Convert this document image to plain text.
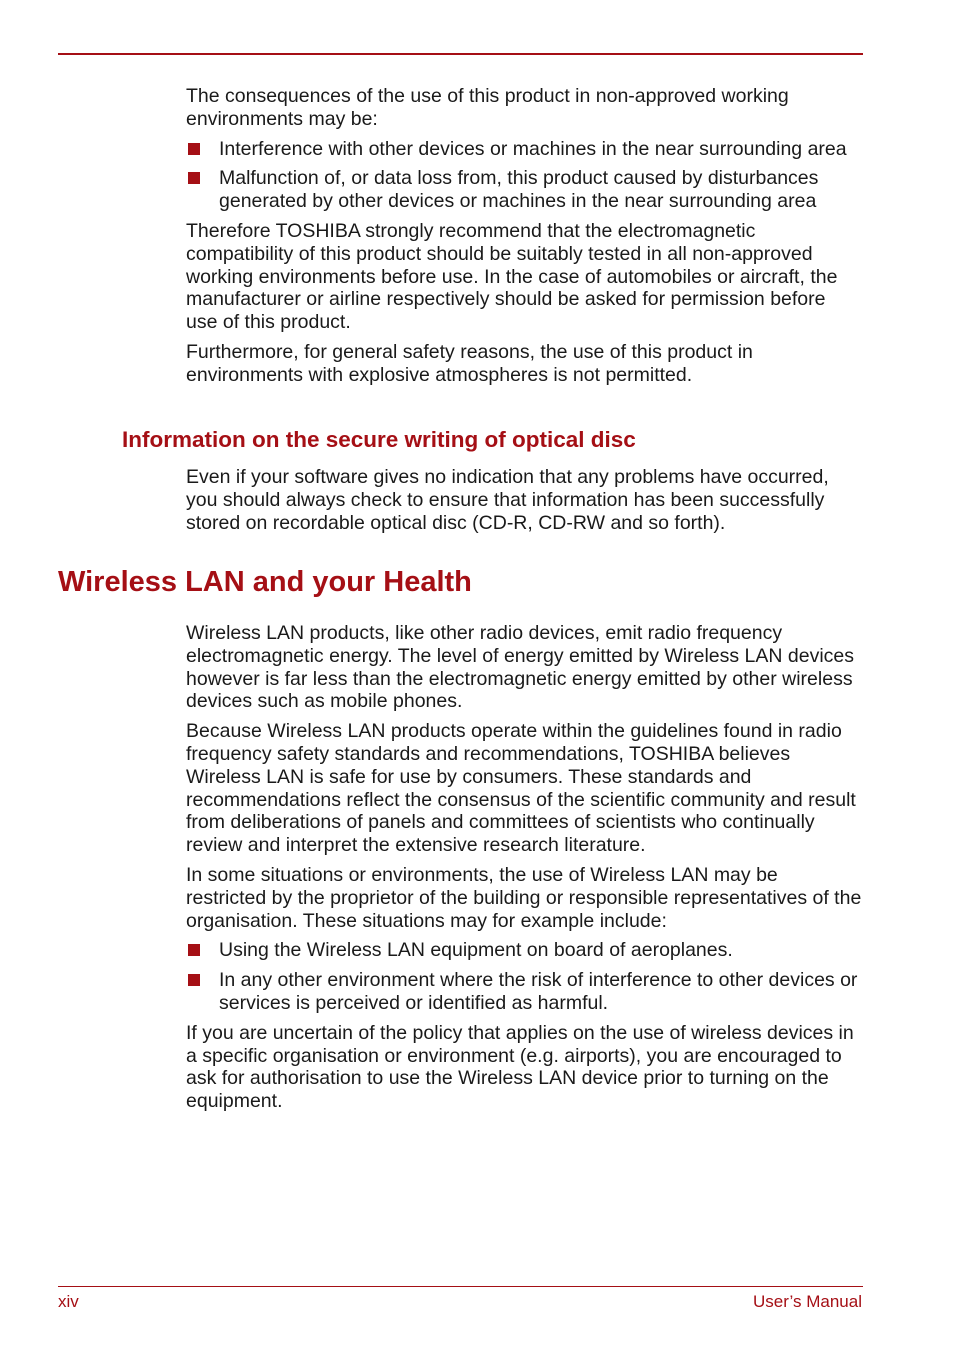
The consequences of the use of this product in non-approved working environments may be:

Interference with other devices or machines in the near surrounding area
Malfunction of, or data loss from, this product caused by disturbances generated by other devices or machines in the near surrounding area

Therefore TOSHIBA strongly recommend that the electromagnetic compatibility of this product should be suitably tested in all non-approved working environments before use. In the case of automobiles or aircraft, the manufacturer or airline respectively should be asked for permission before use of this product.

Furthermore, for general safety reasons, the use of this product in environments with explosive atmospheres is not permitted.

Information on the secure writing of optical disc

Even if your software gives no indication that any problems have occurred, you should always check to ensure that information has been successfully stored on recordable optical disc (CD-R, CD-RW and so forth).

Wireless LAN and your Health

Wireless LAN products, like other radio devices, emit radio frequency electromagnetic energy. The level of energy emitted by Wireless LAN devices however is far less than the electromagnetic energy emitted by other wireless devices such as mobile phones.

Because Wireless LAN products operate within the guidelines found in radio frequency safety standards and recommendations, TOSHIBA believes Wireless LAN is safe for use by consumers. These standards and recommendations reflect the consensus of the scientific community and result from deliberations of panels and committees of scientists who continually review and interpret the extensive research literature.

In some situations or environments, the use of Wireless LAN may be restricted by the proprietor of the building or responsible representatives of the organisation. These situations may for example include:

Using the Wireless LAN equipment on board of aeroplanes.
In any other environment where the risk of interference to other devices or services is perceived or identified as harmful.

If you are uncertain of the policy that applies on the use of wireless devices in a specific organisation or environment (e.g. airports), you are encouraged to ask for authorisation to use the Wireless LAN device prior to turning on the equipment.

xiv	User’s Manual
